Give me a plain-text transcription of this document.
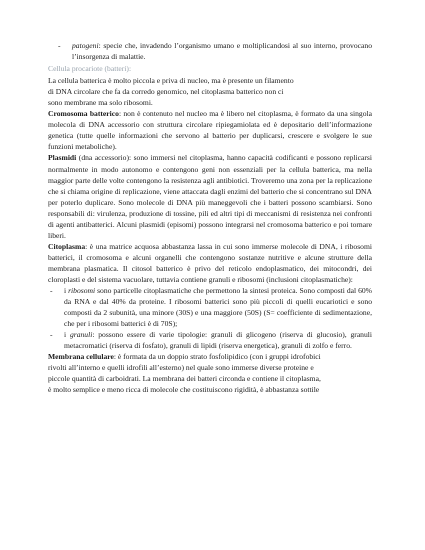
- patogeni: specie che, invadendo l’organismo umano e moltiplicandosi al suo interno, provocano l’insorgenza di malattie.

Cellula procariote (batteri):

La cellula batterica è molto piccola e priva di nucleo, ma è presente un filamento
di DNA circolare che fa da corredo genomico, nel citoplasma batterico non ci
sono membrane ma solo ribosomi.

Cromosoma batterico: non è contenuto nel nucleo ma è libero nel citoplasma, è formato da una singola molecola di DNA accessorio con struttura circolare ripiegamiolata ed è depositario dell’informazione genetica (tutte quelle informazioni che servono al batterio per duplicarsi, crescere e svolgere le sue funzioni metaboliche).

Plasmidi (dna accessorio): sono immersi nel citoplasma, hanno capacità codificanti e possono replicarsi normalmente in modo autonomo e contengono geni non essenziali per la cellula batterica, ma nella maggior parte delle volte contengono la resistenza agli antibiotici. Troveremo una zona per la replicazione che si chiama origine di replicazione, viene attaccata dagli enzimi del batterio che si concentrano sul DNA per poterlo duplicare. Sono molecole di DNA più maneggevoli che i batteri possono scambiarsi. Sono responsabili di: virulenza, produzione di tossine, pili ed altri tipi di meccanismi di resistenza nei confronti di agenti antibatterici. Alcuni plasmidi (episomi) possono integrarsi nel cromosoma batterico e poi tornare liberi.

Citoplasma: è una matrice acquosa abbastanza lassa in cui sono immerse molecole di DNA, i ribosomi batterici, il cromosoma e alcuni organelli che contengono sostanze nutritive e alcune strutture della membrana plasmatica. Il citosol batterico è privo del reticolo endoplasmatico, dei mitocondri, dei cloroplasti e del sistema vacuolare, tuttavia contiene granuli e ribosomi (inclusioni citoplasmatiche):

- i ribosomi sono particelle citoplasmatiche che permettono la sintesi proteica. Sono composti dal 60% da RNA e dal 40% da proteine. I ribosomi batterici sono più piccoli di quelli eucariotici e sono composti da 2 subunità, una minore (30S) e una maggiore (50S) (S= coefficiente di sedimentazione, che per i ribosomi batterici è di 70S);

- i granuli: possono essere di varie tipologie: granuli di glicogeno (riserva di glucosio), granuli metacromatici (riserva di fosfato), granuli di lipidi (riserva energetica), granuli di zolfo e ferro.

Membrana cellulare: è formata da un doppio strato fosfolipidico (con i gruppi idrofobici
rivolti all’interno e quelli idrofili all’esterno) nel quale sono immerse diverse proteine e
piccole quantità di carboidrati. La membrana dei batteri circonda e contiene il citoplasma,
è molto semplice e meno ricca di molecole che costituiscono rigidità, è abbastanza sottile
